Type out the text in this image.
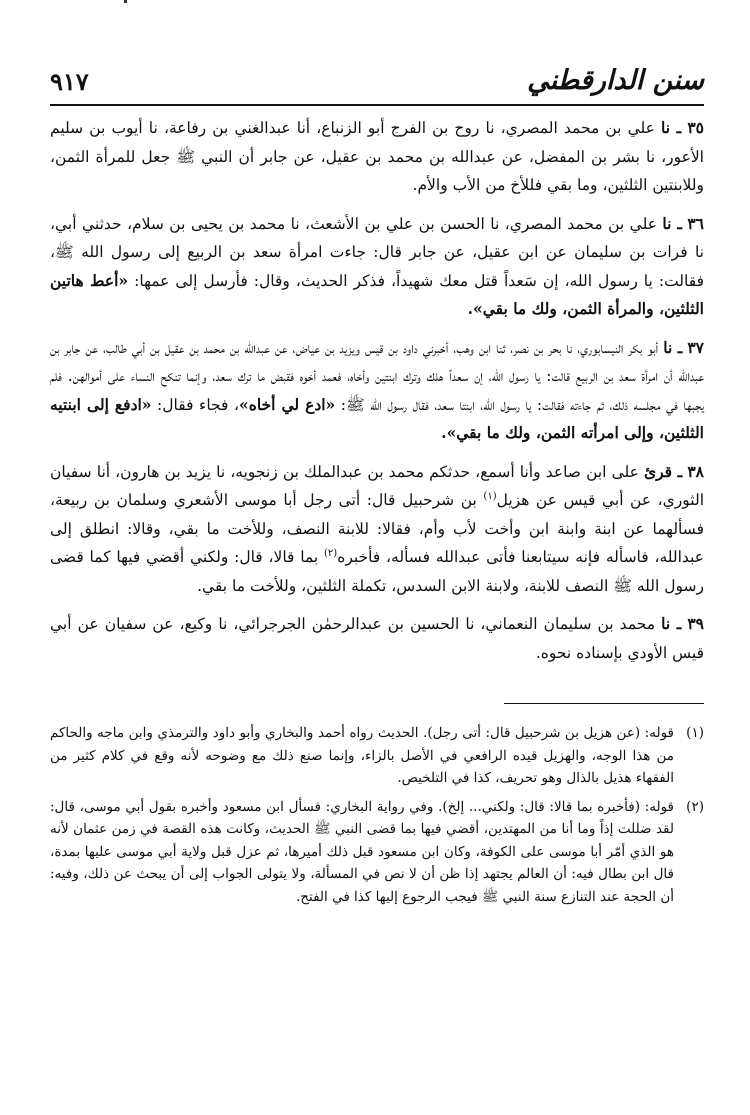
سنن الدارقطني
٩١٧

٣٥ ـ نا علي بن محمد المصري، نا روح بن الفرج أبو الزنباع، أنا عبدالغني بن رفاعة، نا أيوب بن سليم الأعور، نا بشر بن المفضل، عن عبدالله بن محمد بن عقيل، عن جابر أن النبي ﷺ جعل للمرأة الثمن، وللابنتين الثلثين، وما بقي فللأخ من الأب والأم.

٣٦ ـ نا علي بن محمد المصري، نا الحسن بن علي بن الأشعث، نا محمد بن يحيى بن سلام، حدثني أبي، نا فرات بن سليمان عن ابن عقيل، عن جابر قال: جاءت امرأة سعد بن الربيع إلى رسول الله ﷺ، فقالت: يا رسول الله، إن سَعداً قتل معك شهيداً، فذكر الحديث، وقال: فأرسل إلى عمها: «أعط هاتين الثلثين، والمرأة الثمن، ولك ما بقي».

٣٧ ـ نا أبو بكر النيسابوري، نا بحر بن نصر، ثنا ابن وهب، أخبرني داود بن قيس ويزيد بن عياض، عن عبدالله بن محمد بن عقيل بن أبي طالب، عن جابر بن عبدالله أن امرأة سعد بن الربيع قالت: يا رسول الله، إن سعداً هلك وترك ابنتين وأخاه، فعمد أخوه فقبض ما ترك سعد، وإنما تنكح النساء على أموالهن. فلم يجبها في مجلسه ذلك، ثم جاءته فقالت: يا رسول الله، ابنتا سعد، فقال رسول الله ﷺ: «ادع لي أخاه»، فجاء فقال: «ادفع إلى ابنتيه الثلثين، وإلى امرأته الثمن، ولك ما بقي».

٣٨ ـ قرئ على ابن صاعد وأنا أسمع، حدثكم محمد بن عبدالملك بن زنجويه، نا يزيد بن هارون، أنا سفيان الثوري، عن أبي قيس عن هزيل$^{(١)}$ بن شرحبيل قال: أتى رجل أبا موسى الأشعري وسلمان بن ربيعة، فسألهما عن ابنة وابنة ابن وأخت لأب وأم، فقالا: للابنة النصف، وللأخت ما بقي، وقالا: انطلق إلى عبدالله، فاسأله فإنه سيتابعنا فأتى عبدالله فسأله، فأخبره$^{(٢)}$ بما قالا، قال: ولكني أقضي فيها كما قضى رسول الله ﷺ النصف للابنة، ولابنة الابن السدس، تكملة الثلثين، وللأخت ما بقي.

٣٩ ـ نا محمد بن سليمان النعماني، نا الحسين بن عبدالرحمٰن الجرجرائي، نا وكيع، عن سفيان عن أبي قيس الأودي بإسناده نحوه.

(١)
قوله: (عن هزيل بن شرحبيل قال: أتى رجل). الحديث رواه أحمد والبخاري وأبو داود والترمذي وابن ماجه والحاكم من هذا الوجه، والهزيل قيده الرافعي في الأصل بالزاء، وإنما صنع ذلك مع وضوحه لأنه وقع في كلام كثير من الفقهاء هذيل بالذال وهو تحريف، كذا في التلخيص.
(٢)
قوله: (فأخبره بما قالا: قال: ولكني... إلخ). وفي رواية البخاري: فسأل ابن مسعود وأخبره بقول أبي موسى، قال: لقد ضللت إذاً وما أنا من المهتدين، أقضي فيها بما قضى النبي ﷺ الحديث، وكانت هذه القصة في زمن عثمان لأنه هو الذي أمّر أبا موسى على الكوفة، وكان ابن مسعود قبل ذلك أميرها، ثم عزل قبل ولاية أبي موسى عليها بمدة، قال ابن بطال فيه: أن العالم يجتهد إذا ظن أن لا نص في المسألة، ولا يتولى الجواب إلى أن يبحث عن ذلك، وفيه: أن الحجة عند التنازع سنة النبي ﷺ فيجب الرجوع إليها كذا في الفتح.
